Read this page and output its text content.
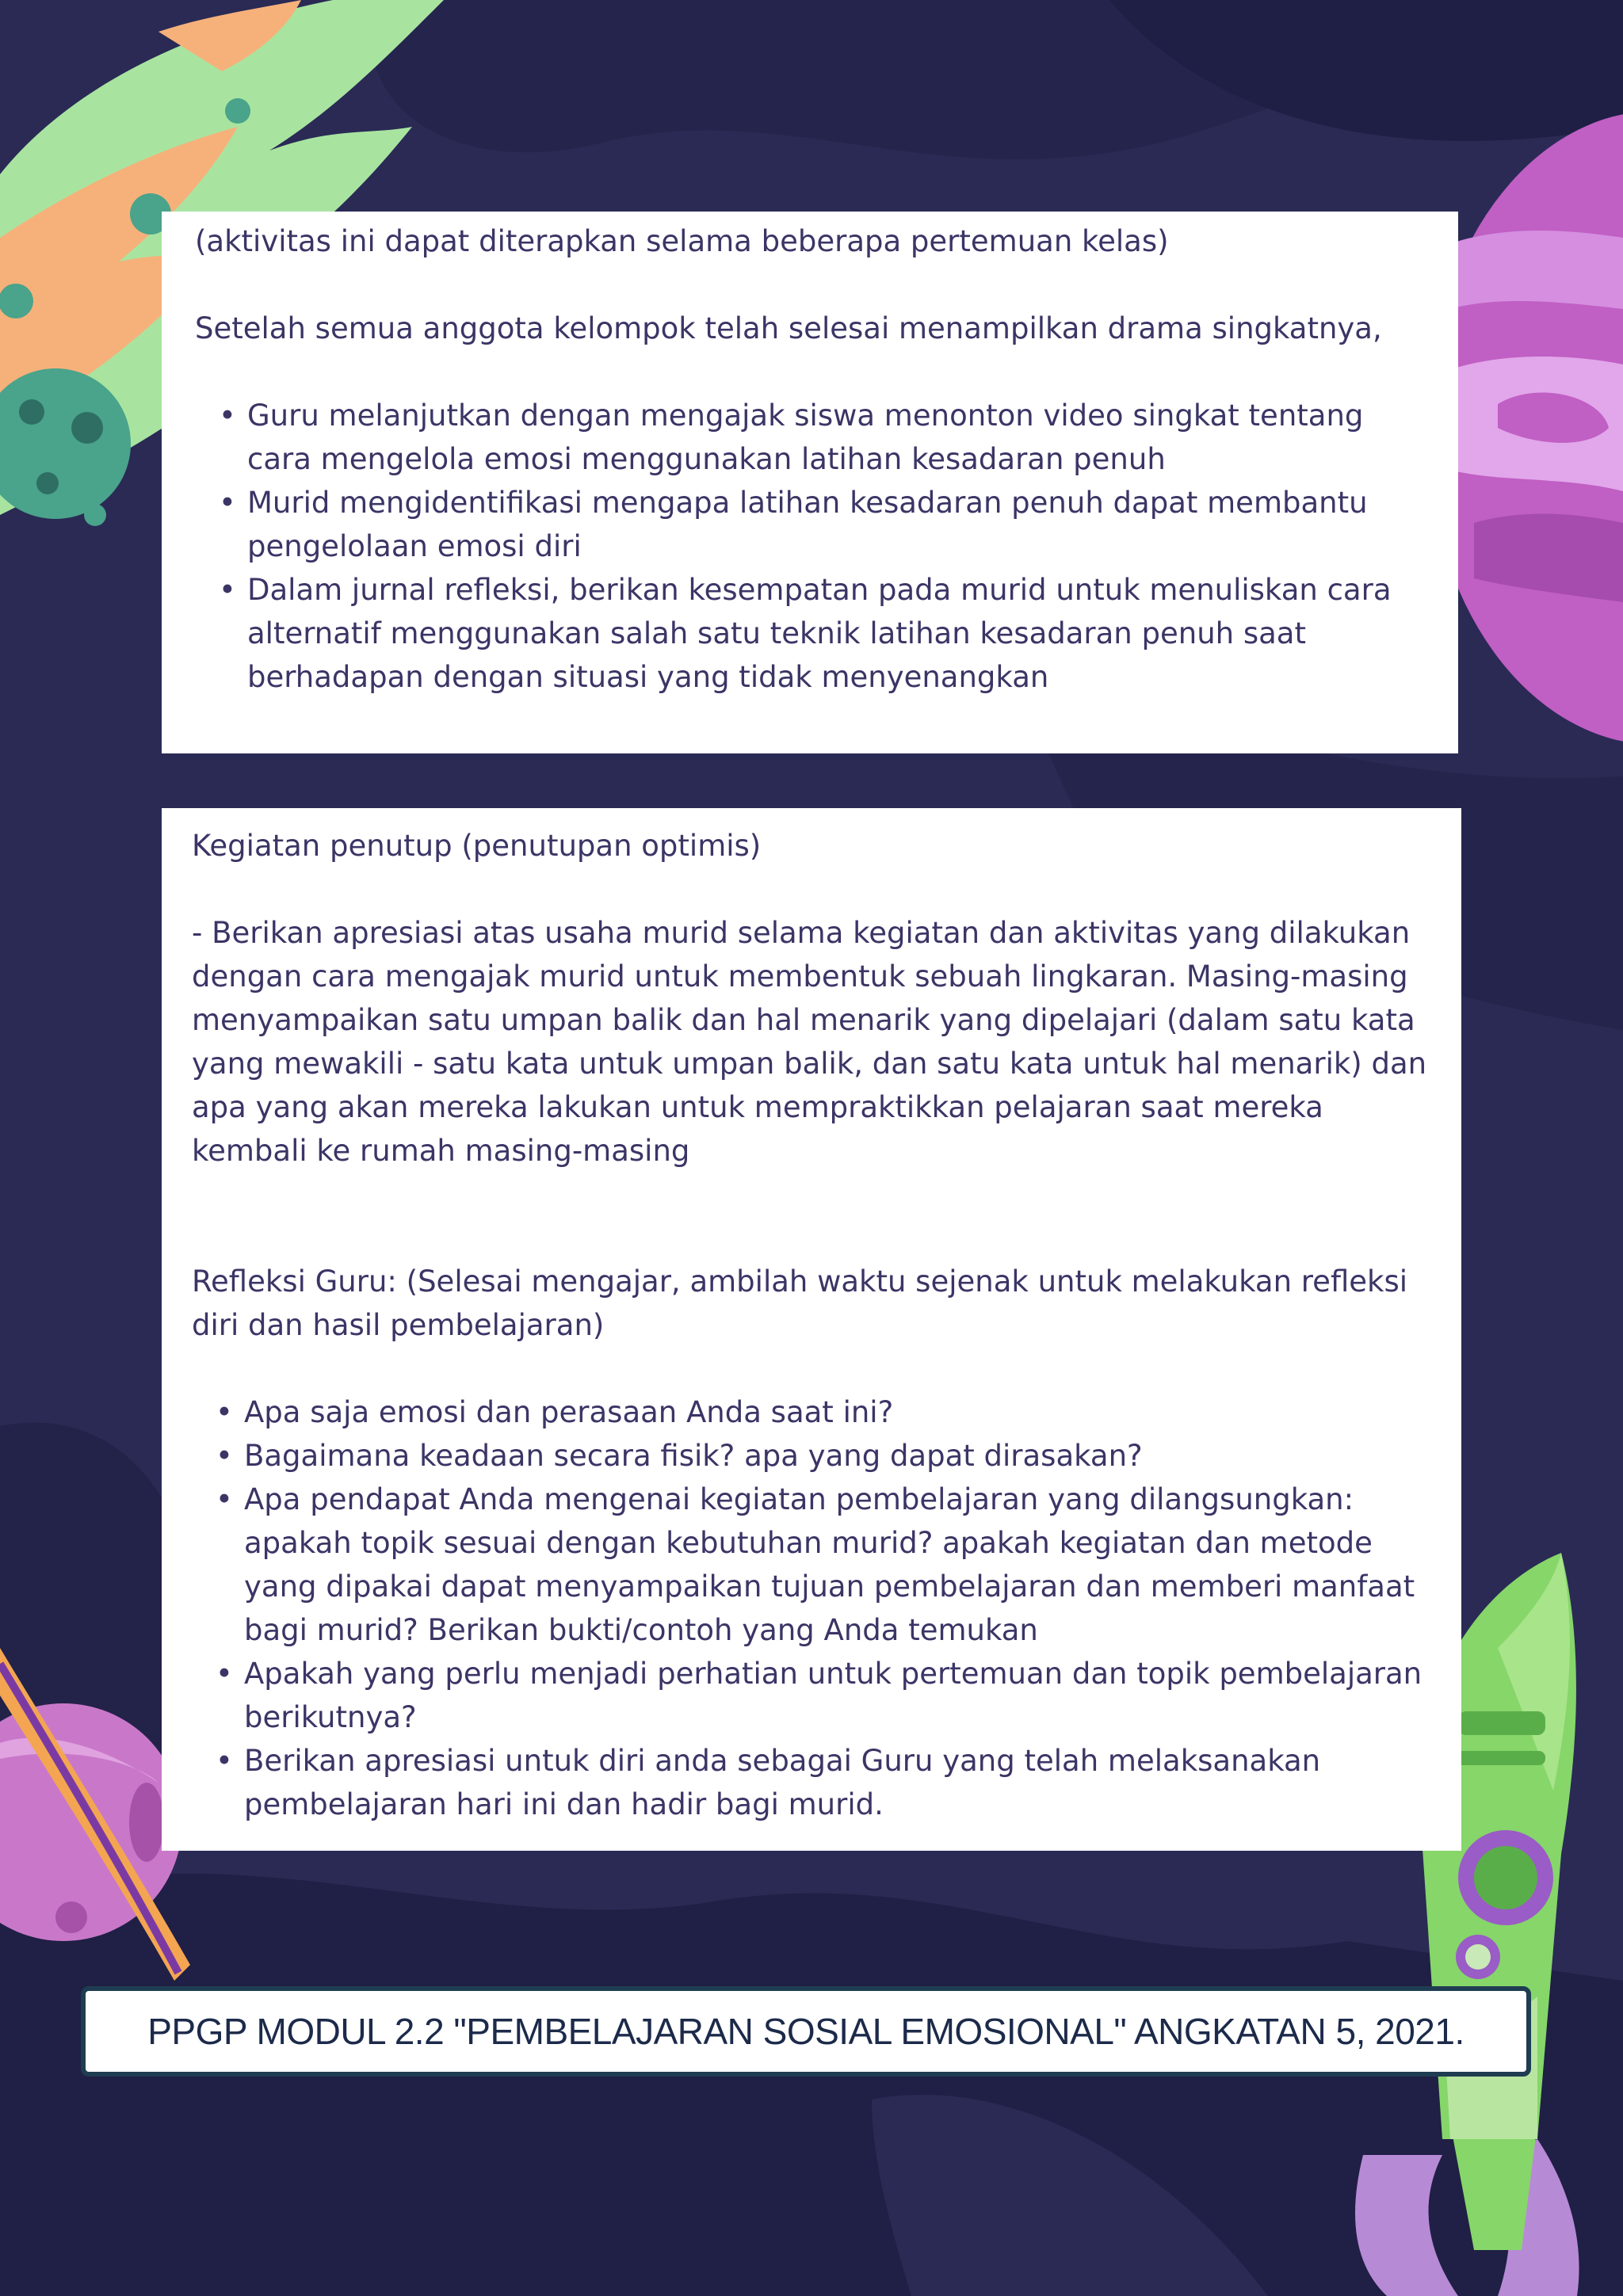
(aktivitas ini dapat diterapkan selama beberapa pertemuan kelas)

Setelah semua anggota kelompok telah selesai menampilkan drama singkatnya,

• Guru melanjutkan dengan mengajak siswa menonton video singkat tentang cara mengelola emosi menggunakan latihan kesadaran penuh
• Murid mengidentifikasi mengapa latihan kesadaran penuh dapat membantu pengelolaan emosi diri
• Dalam jurnal refleksi, berikan kesempatan pada murid untuk menuliskan cara alternatif menggunakan salah satu teknik latihan kesadaran penuh saat berhadapan dengan situasi yang tidak menyenangkan

Kegiatan penutup (penutupan optimis)

- Berikan apresiasi atas usaha murid selama kegiatan dan aktivitas yang dilakukan dengan cara mengajak murid untuk membentuk sebuah lingkaran. Masing-masing menyampaikan satu umpan balik dan hal menarik yang dipelajari (dalam satu kata yang mewakili - satu kata untuk umpan balik, dan satu kata untuk hal menarik) dan apa yang akan mereka lakukan untuk mempraktikkan pelajaran saat mereka kembali ke rumah masing-masing

Refleksi Guru: (Selesai mengajar, ambilah waktu sejenak untuk melakukan refleksi diri dan hasil pembelajaran)

• Apa saja emosi dan perasaan Anda saat ini?
• Bagaimana keadaan secara fisik? apa yang dapat dirasakan?
• Apa pendapat Anda mengenai kegiatan pembelajaran yang dilangsungkan: apakah topik sesuai dengan kebutuhan murid? apakah kegiatan dan metode yang dipakai dapat menyampaikan tujuan pembelajaran dan memberi manfaat bagi murid? Berikan bukti/contoh yang Anda temukan
• Apakah yang perlu menjadi perhatian untuk pertemuan dan topik pembelajaran berikutnya?
• Berikan apresiasi untuk diri anda sebagai Guru yang telah melaksanakan pembelajaran hari ini dan hadir bagi murid.
PPGP MODUL 2.2 "PEMBELAJARAN SOSIAL EMOSIONAL" ANGKATAN 5, 2021.
